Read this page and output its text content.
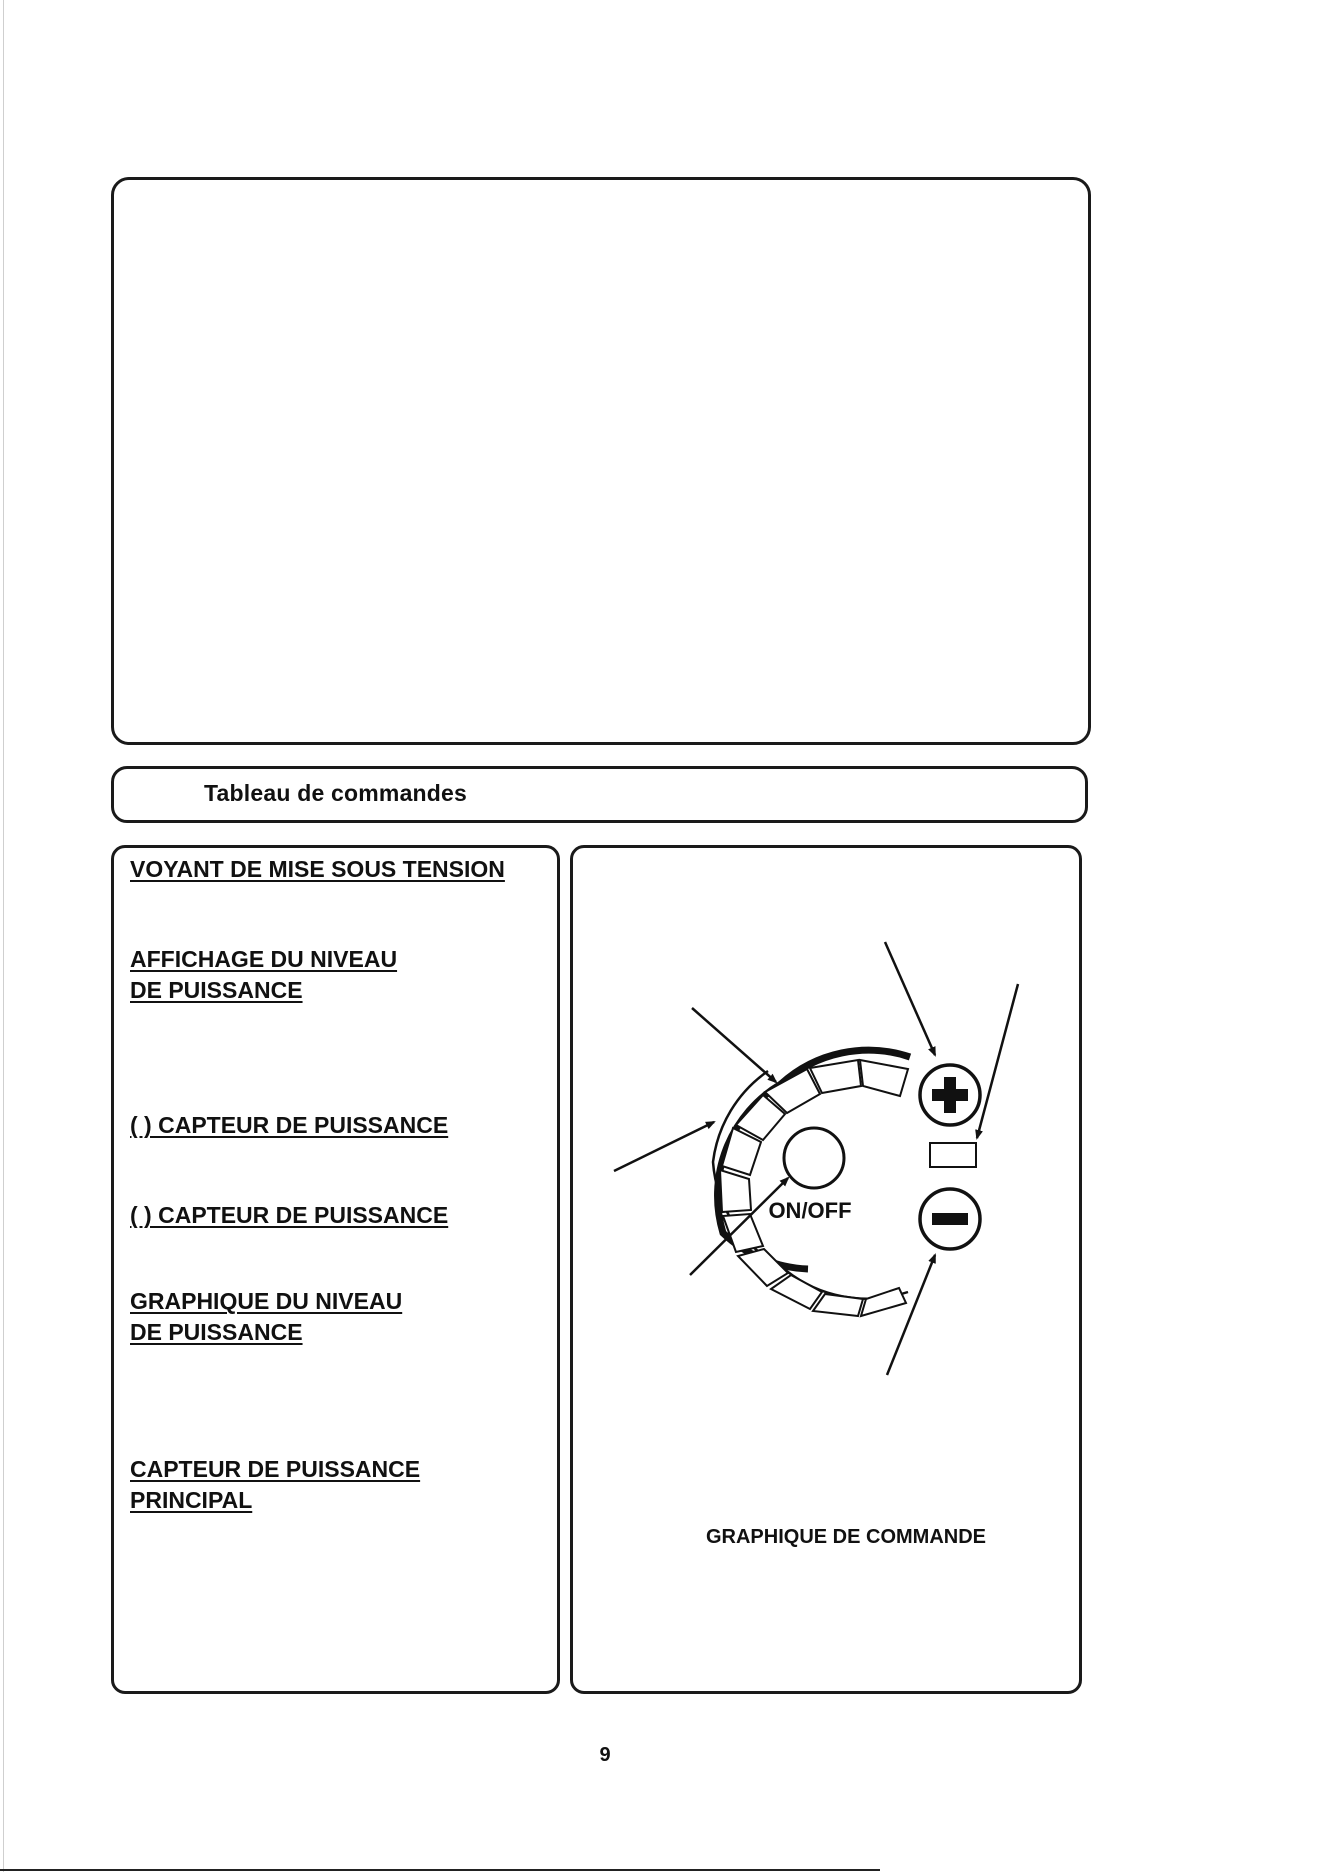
Tableau de commandes
VOYANT DE MISE SOUS TENSION
AFFICHAGE DU NIVEAU
DE PUISSANCE
( ) CAPTEUR DE PUISSANCE
( ) CAPTEUR DE PUISSANCE
GRAPHIQUE DU NIVEAU
DE PUISSANCE
CAPTEUR DE PUISSANCE
PRINCIPAL
ON/OFF
GRAPHIQUE DE COMMANDE
9
